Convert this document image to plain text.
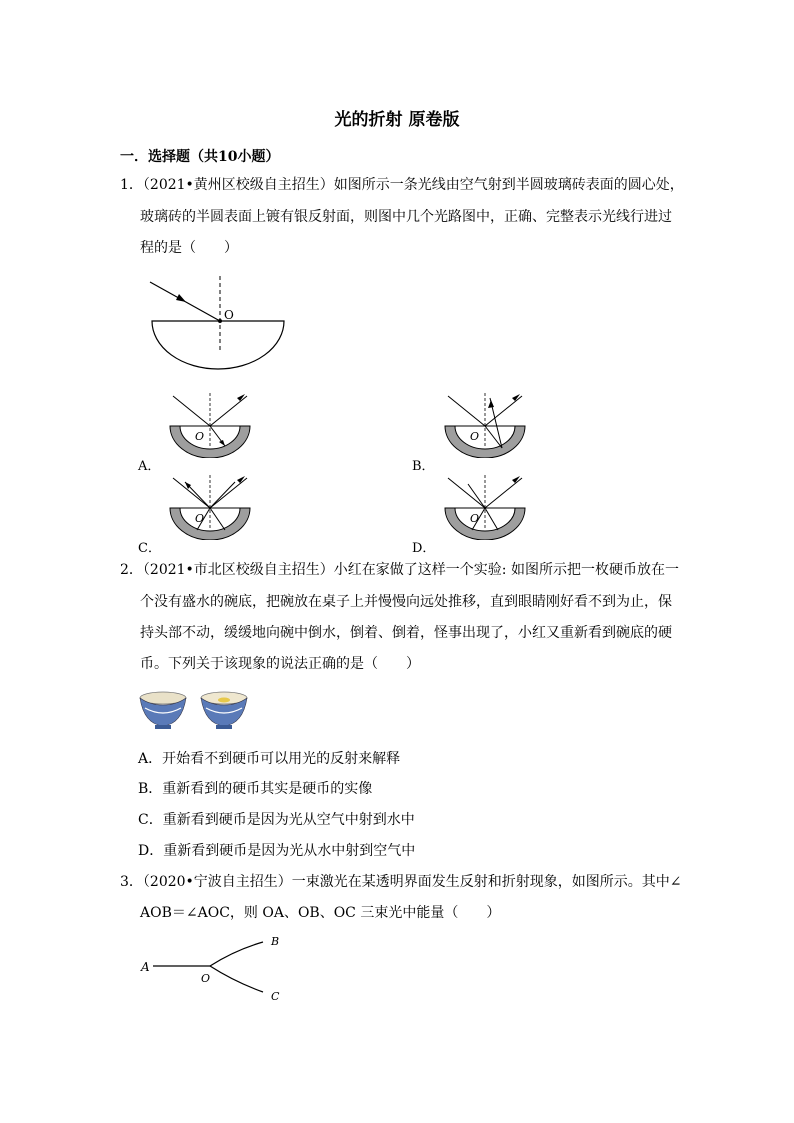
光的折射 原卷版
一．选择题（共10小题）
1．（2021•黄州区校级自主招生）如图所示一条光线由空气射到半圆玻璃砖表面的圆心处，
玻璃砖的半圆表面上镀有银反射面，则图中几个光路图中，正确、完整表示光线行进过
程的是（　　）
O
O
A．
O
B．
O
C．
O
D．
2．（2021•市北区校级自主招生）小红在家做了这样一个实验: 如图所示把一枚硬币放在一
个没有盛水的碗底，把碗放在桌子上并慢慢向远处推移，直到眼睛刚好看不到为止，保
持头部不动，缓缓地向碗中倒水，倒着、倒着，怪事出现了，小红又重新看到碗底的硬
币。下列关于该现象的说法正确的是（　　）
A．开始看不到硬币可以用光的反射来解释
B．重新看到的硬币其实是硬币的实像
C．重新看到硬币是因为光从空气中射到水中
D．重新看到硬币是因为光从水中射到空气中
3．（2020•宁波自主招生）一束激光在某透明界面发生反射和折射现象，如图所示。其中∠
AOB＝∠AOC，则 OA、OB、OC 三束光中能量（　　）
A
O
B
C
